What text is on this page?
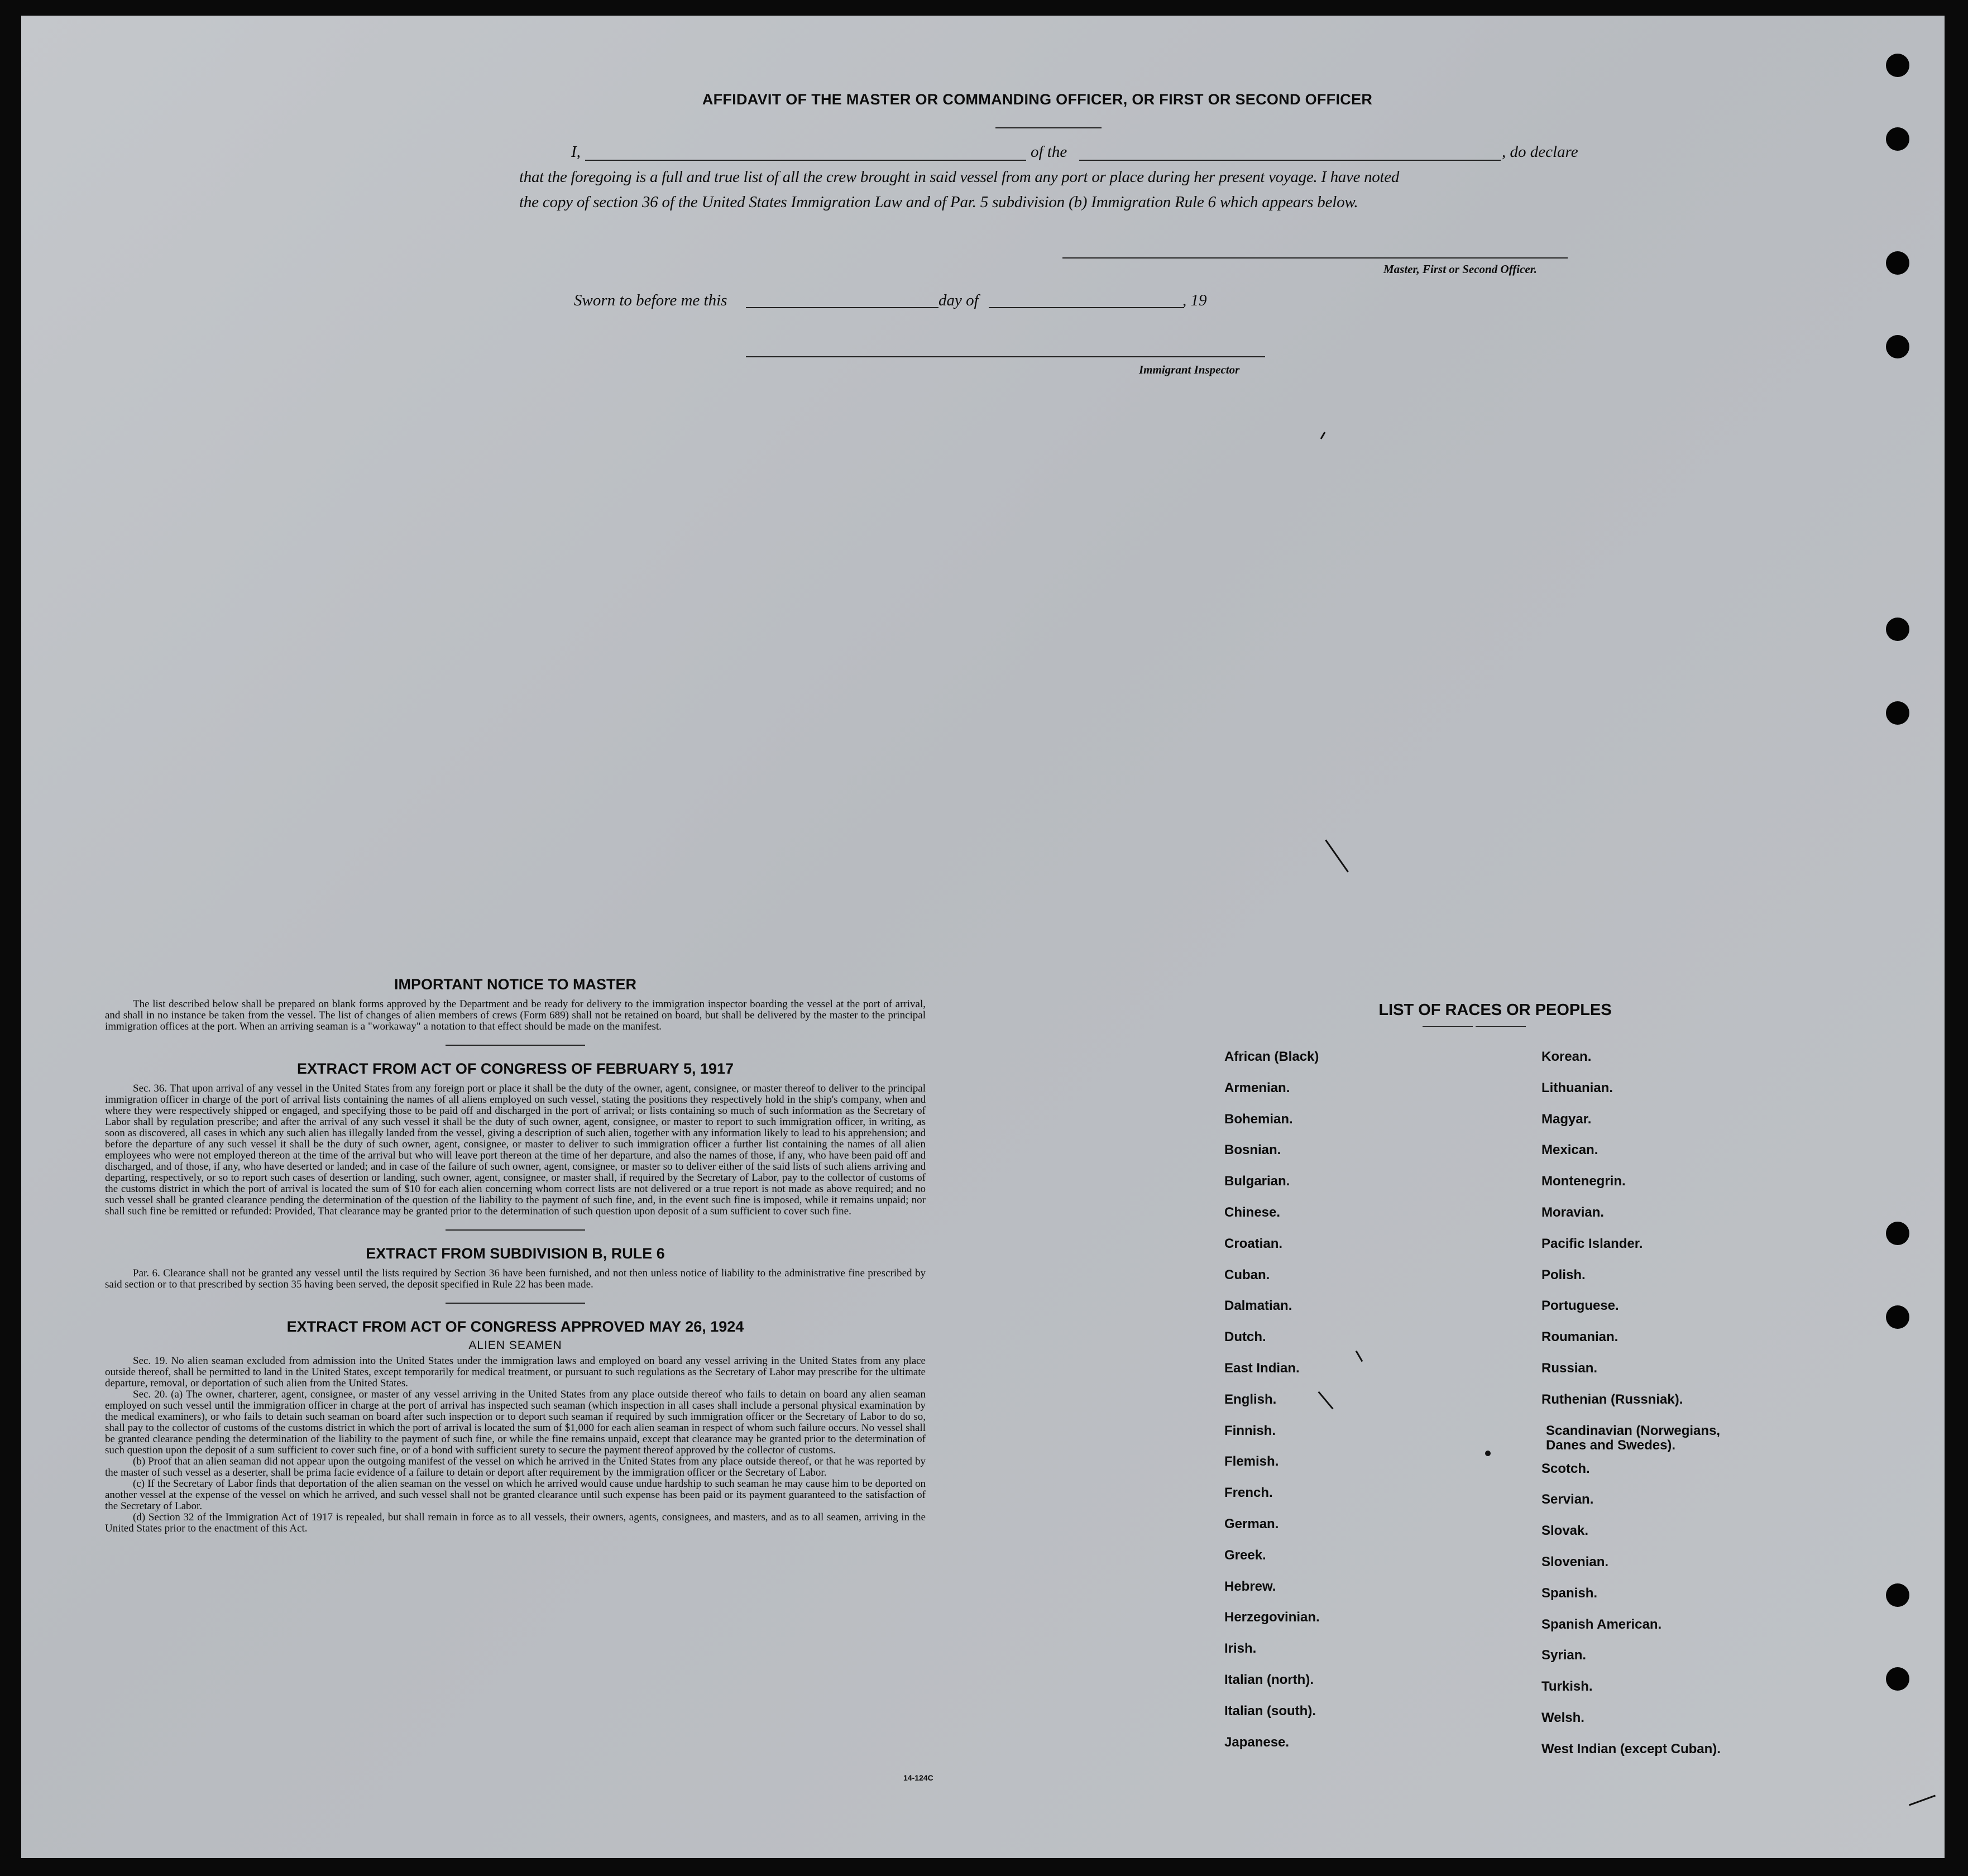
AFFIDAVIT OF THE MASTER OR COMMANDING OFFICER, OR FIRST OR SECOND OFFICER
I,	of the	, do declare
that the foregoing is a full and true list of all the crew brought in said vessel from any port or place during her present voyage. I have noted
the copy of section 36 of the United States Immigration Law and of Par. 5 subdivision (b) Immigration Rule 6 which appears below.
Master, First or Second Officer.
Sworn to before me this	day of	, 19
Immigrant Inspector
IMPORTANT NOTICE TO MASTER

The list described below shall be prepared on blank forms approved by the Department and be ready for delivery to the immigration inspector boarding the vessel at the port of arrival, and shall in no instance be taken from the vessel. The list of changes of alien members of crews (Form 689) shall not be retained on board, but shall be delivered by the master to the principal immigration offices at the port. When an arriving seaman is a "workaway" a notation to that effect should be made on the manifest.

EXTRACT FROM ACT OF CONGRESS OF FEBRUARY 5, 1917

Sec. 36. That upon arrival of any vessel in the United States from any foreign port or place it shall be the duty of the owner, agent, consignee, or master thereof to deliver to the principal immigration officer in charge of the port of arrival lists containing the names of all aliens employed on such vessel, stating the positions they respectively hold in the ship's company, when and where they were respectively shipped or engaged, and specifying those to be paid off and discharged in the port of arrival; or lists containing so much of such information as the Secretary of Labor shall by regulation prescribe; and after the arrival of any such vessel it shall be the duty of such owner, agent, consignee, or master to report to such immigration officer, in writing, as soon as discovered, all cases in which any such alien has illegally landed from the vessel, giving a description of such alien, together with any information likely to lead to his apprehension; and before the departure of any such vessel it shall be the duty of such owner, agent, consignee, or master to deliver to such immigration officer a further list containing the names of all alien employees who were not employed thereon at the time of the arrival but who will leave port thereon at the time of her departure, and also the names of those, if any, who have been paid off and discharged, and of those, if any, who have deserted or landed; and in case of the failure of such owner, agent, consignee, or master so to deliver either of the said lists of such aliens arriving and departing, respectively, or so to report such cases of desertion or landing, such owner, agent, consignee, or master shall, if required by the Secretary of Labor, pay to the collector of customs of the customs district in which the port of arrival is located the sum of $10 for each alien concerning whom correct lists are not delivered or a true report is not made as above required; and no such vessel shall be granted clearance pending the determination of the question of the liability to the payment of such fine, and, in the event such fine is imposed, while it remains unpaid; nor shall such fine be remitted or refunded: Provided, That clearance may be granted prior to the determination of such question upon deposit of a sum sufficient to cover such fine.

EXTRACT FROM SUBDIVISION B, RULE 6

Par. 6. Clearance shall not be granted any vessel until the lists required by Section 36 have been furnished, and not then unless notice of liability to the administrative fine prescribed by said section or to that prescribed by section 35 having been served, the deposit specified in Rule 22 has been made.

EXTRACT FROM ACT OF CONGRESS APPROVED MAY 26, 1924
ALIEN SEAMEN

Sec. 19. No alien seaman excluded from admission into the United States under the immigration laws and employed on board any vessel arriving in the United States from any place outside thereof, shall be permitted to land in the United States, except temporarily for medical treatment, or pursuant to such regulations as the Secretary of Labor may prescribe for the ultimate departure, removal, or deportation of such alien from the United States.

Sec. 20. (a) The owner, charterer, agent, consignee, or master of any vessel arriving in the United States from any place outside thereof who fails to detain on board any alien seaman employed on such vessel until the immigration officer in charge at the port of arrival has inspected such seaman (which inspection in all cases shall include a personal physical examination by the medical examiners), or who fails to detain such seaman on board after such inspection or to deport such seaman if required by such immigration officer or the Secretary of Labor to do so, shall pay to the collector of customs of the customs district in which the port of arrival is located the sum of $1,000 for each alien seaman in respect of whom such failure occurs. No vessel shall be granted clearance pending the determination of the liability to the payment of such fine, or while the fine remains unpaid, except that clearance may be granted prior to the determination of such question upon the deposit of a sum sufficient to cover such fine, or of a bond with sufficient surety to secure the payment thereof approved by the collector of customs.

(b) Proof that an alien seaman did not appear upon the outgoing manifest of the vessel on which he arrived in the United States from any place outside thereof, or that he was reported by the master of such vessel as a deserter, shall be prima facie evidence of a failure to detain or deport after requirement by the immigration officer or the Secretary of Labor.

(c) If the Secretary of Labor finds that deportation of the alien seaman on the vessel on which he arrived would cause undue hardship to such seaman he may cause him to be deported on another vessel at the expense of the vessel on which he arrived, and such vessel shall not be granted clearance until such expense has been paid or its payment guaranteed to the satisfaction of the Secretary of Labor.

(d) Section 32 of the Immigration Act of 1917 is repealed, but shall remain in force as to all vessels, their owners, agents, consignees, and masters, and as to all seamen, arriving in the United States prior to the enactment of this Act.

14-124C
LIST OF RACES OR PEOPLES
African (Black)
Armenian.
Bohemian.
Bosnian.
Bulgarian.
Chinese.
Croatian.
Cuban.
Dalmatian.
Dutch.
East Indian.
English.
Finnish.
Flemish.
French.
German.
Greek.
Hebrew.
Herzegovinian.
Irish.
Italian (north).
Italian (south).
Japanese.
Korean.
Lithuanian.
Magyar.
Mexican.
Montenegrin.
Moravian.
Pacific Islander.
Polish.
Portuguese.
Roumanian.
Russian.
Ruthenian (Russniak).
Scandinavian (Norwegians, Danes and Swedes).
Scotch.
Servian.
Slovak.
Slovenian.
Spanish.
Spanish American.
Syrian.
Turkish.
Welsh.
West Indian (except Cuban).
